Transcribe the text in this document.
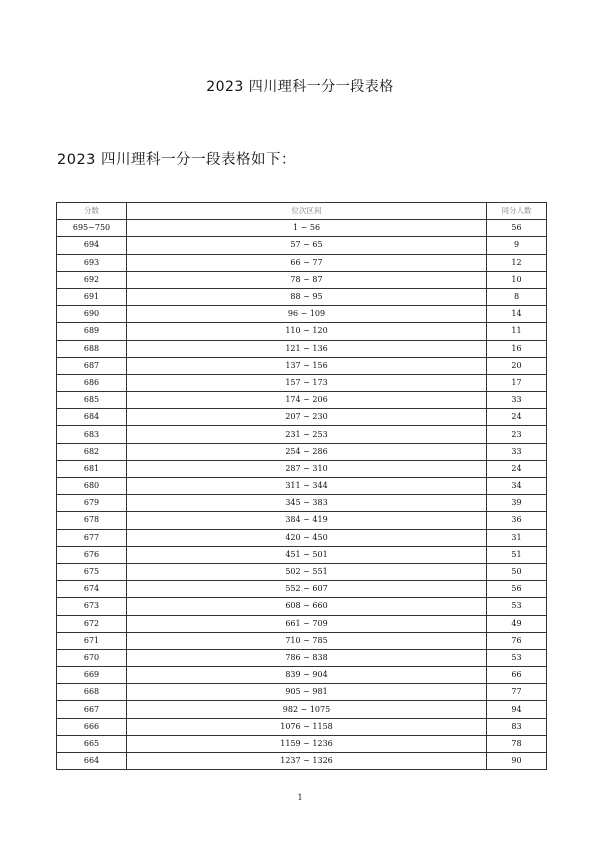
2023 四川理科一分一段表格
2023 四川理科一分一段表格如下：
分数	位次区间	同分人数
695~750	1 ~ 56	56
694	57 ~ 65	9
693	66 ~ 77	12
692	78 ~ 87	10
691	88 ~ 95	8
690	96 ~ 109	14
689	110 ~ 120	11
688	121 ~ 136	16
687	137 ~ 156	20
686	157 ~ 173	17
685	174 ~ 206	33
684	207 ~ 230	24
683	231 ~ 253	23
682	254 ~ 286	33
681	287 ~ 310	24
680	311 ~ 344	34
679	345 ~ 383	39
678	384 ~ 419	36
677	420 ~ 450	31
676	451 ~ 501	51
675	502 ~ 551	50
674	552 ~ 607	56
673	608 ~ 660	53
672	661 ~ 709	49
671	710 ~ 785	76
670	786 ~ 838	53
669	839 ~ 904	66
668	905 ~ 981	77
667	982 ~ 1075	94
666	1076 ~ 1158	83
665	1159 ~ 1236	78
664	1237 ~ 1326	90
1
